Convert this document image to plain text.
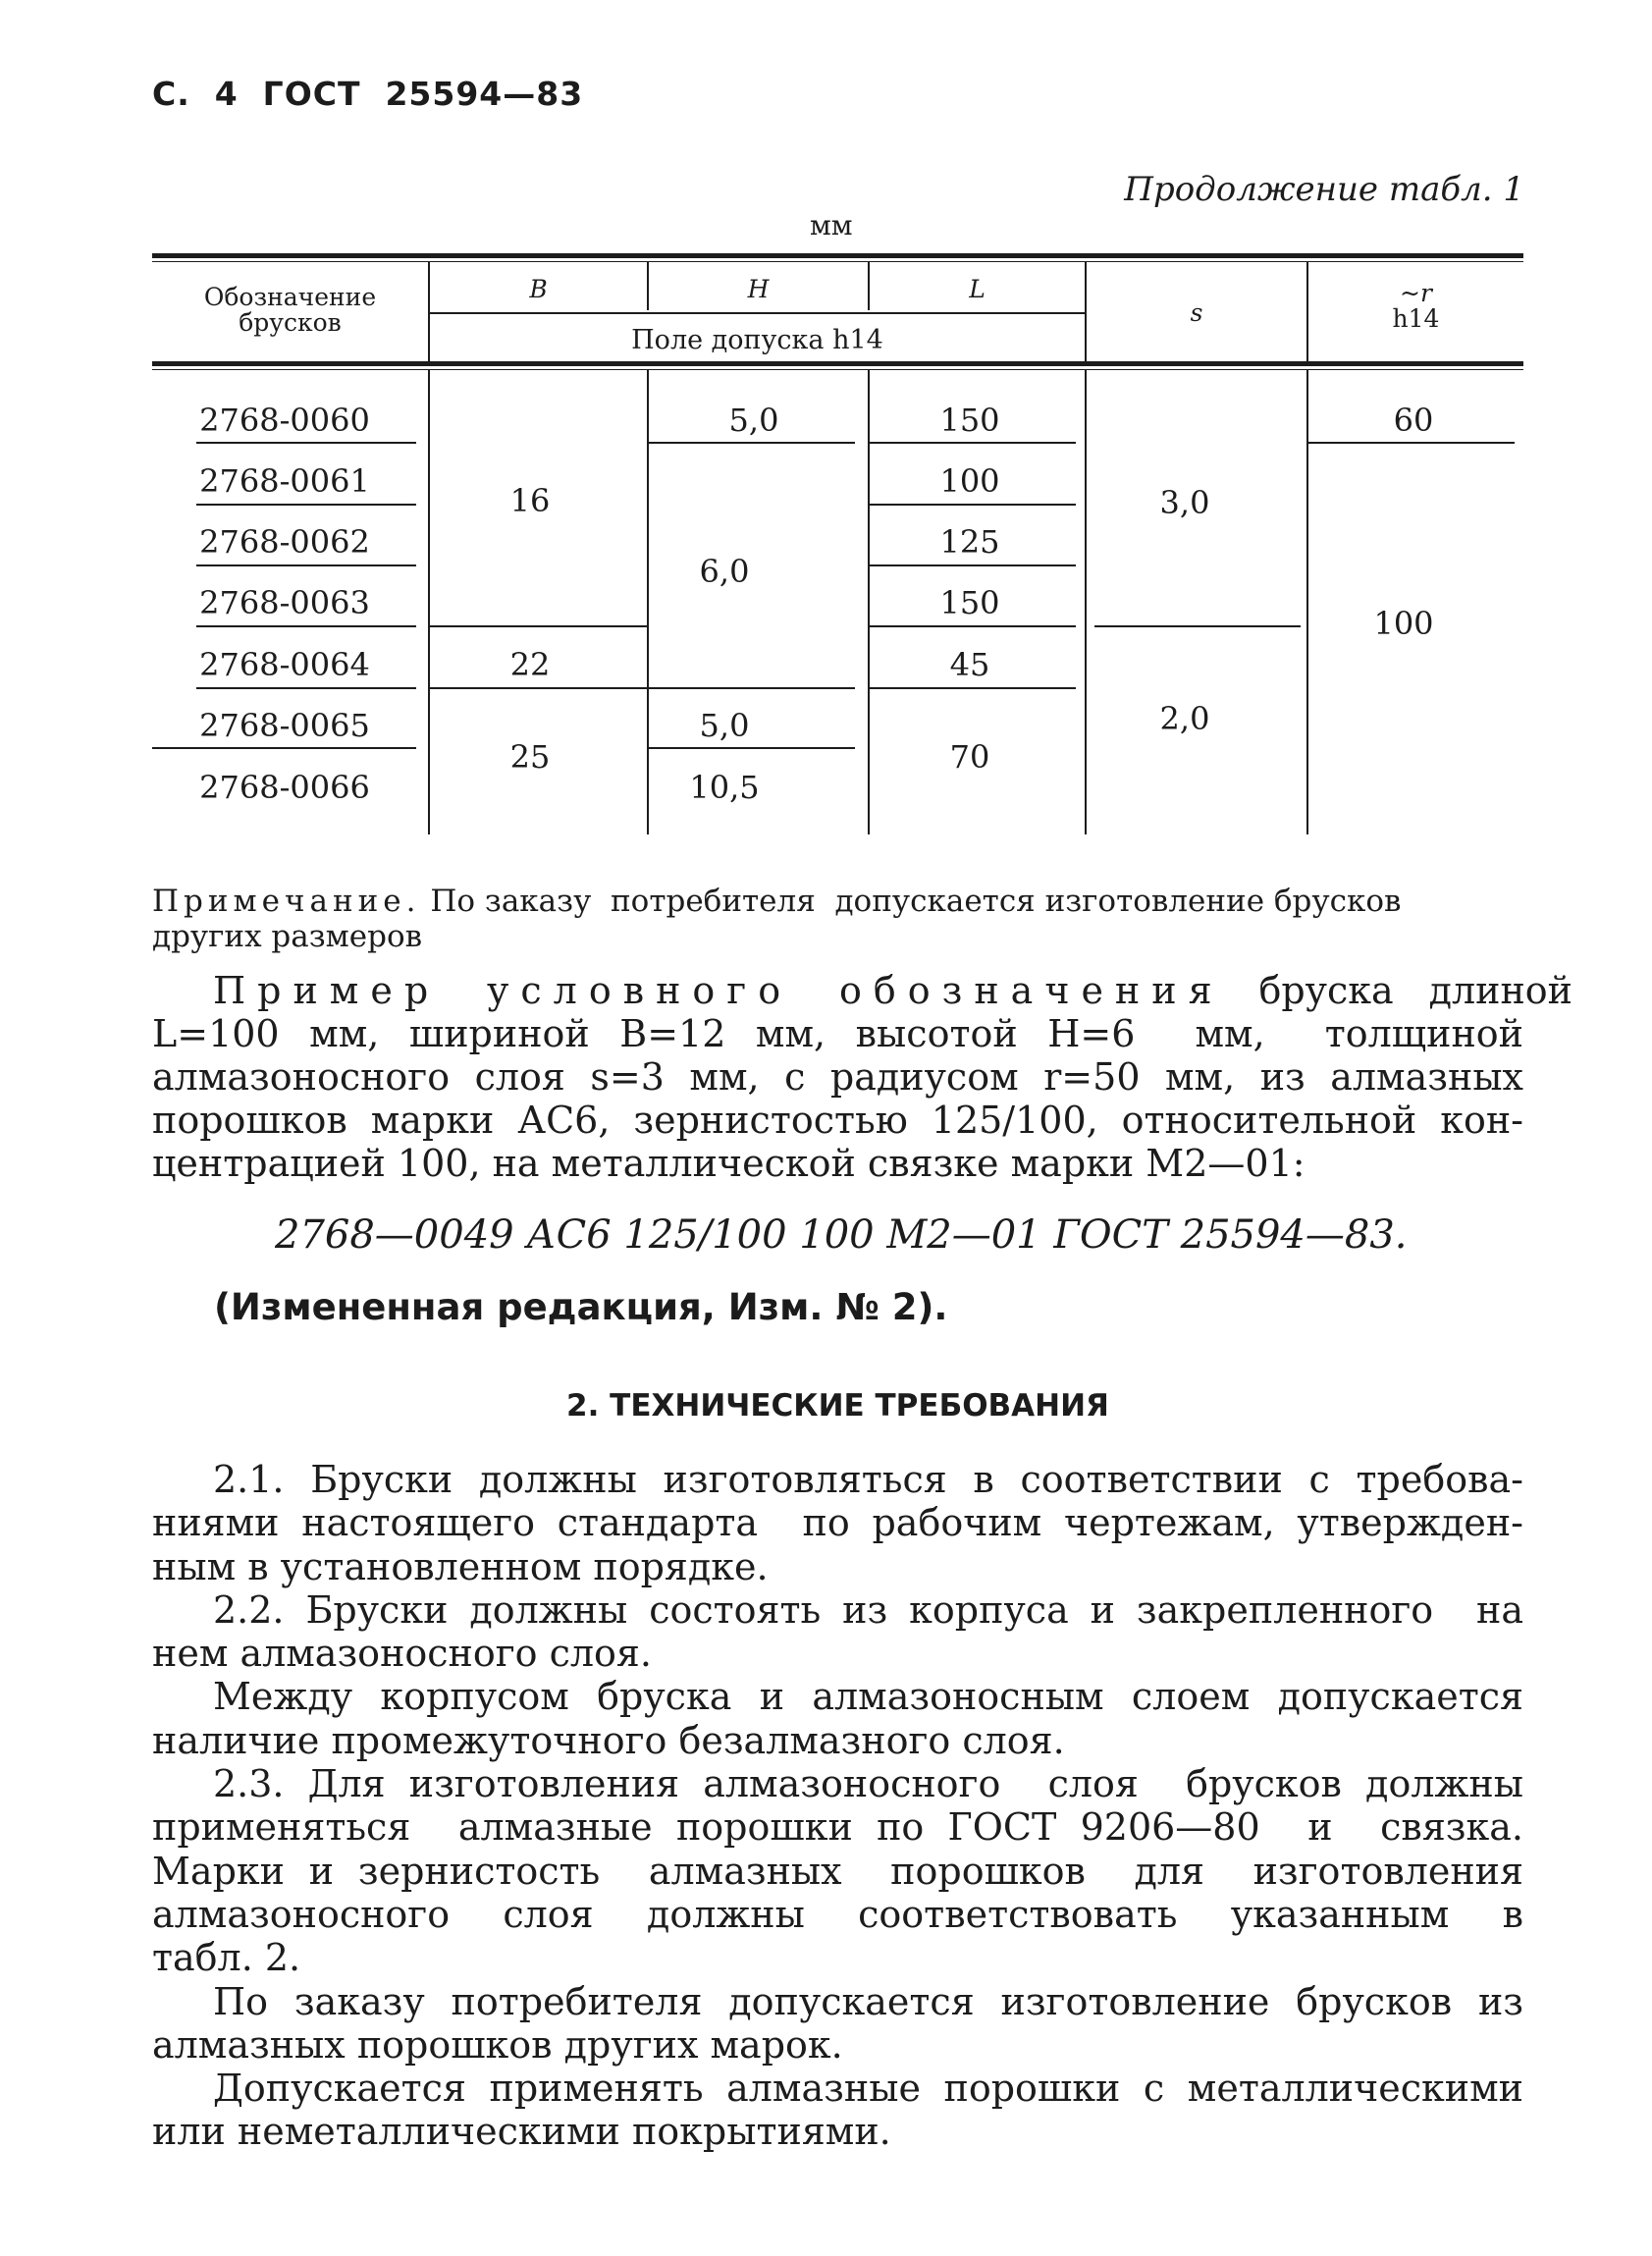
С.  4  ГОСТ  25594—83
Продолжение табл. 1
мм
Обозначение
брусков
B	H	L
Поле допуска h14
s
~r
h14
2768-0060
2768-0061
2768-0062
2768-0063
2768-0064
2768-0065
2768-0066
16
22
25
5,0
6,0
5,0
10,5
150
100
125
150
45
70
3,0
2,0
60
100
Примечание. По заказу  потребителя  допускается изготовление брусков
других размеров
Пример условного обозначения бруска длиной
L=100 мм, шириной B=12 мм, высотой H=6  мм,  толщиной
алмазоносного слоя s=3 мм, с радиусом r=50 мм, из алмазных
порошков марки АС6, зернистостью 125/100, относительной кон-
центрацией 100, на металлической связке марки М2—01:
2768—0049 АС6 125/100 100 М2—01 ГОСТ 25594—83.
(Измененная редакция, Изм. № 2).
2. ТЕХНИЧЕСКИЕ ТРЕБОВАНИЯ
2.1. Бруски должны изготовляться в соответствии с требова-
ниями настоящего стандарта  по рабочим чертежам, утвержден-
ным в установленном порядке.
2.2. Бруски должны состоять из корпуса и закрепленного  на
нем алмазоносного слоя.
Между корпусом бруска и алмазоносным слоем допускается
наличие промежуточного безалмазного слоя.
2.3. Для изготовления алмазоносного  слоя  брусков должны
применяться  алмазные порошки по ГОСТ 9206—80  и  связка.
Марки и зернистость  алмазных  порошков  для  изготовления
алмазоносного  слоя  должны  соответствовать  указанным  в
табл. 2.
По заказу потребителя допускается изготовление брусков из
алмазных порошков других марок.
Допускается применять алмазные порошки с металлическими
или неметаллическими покрытиями.
